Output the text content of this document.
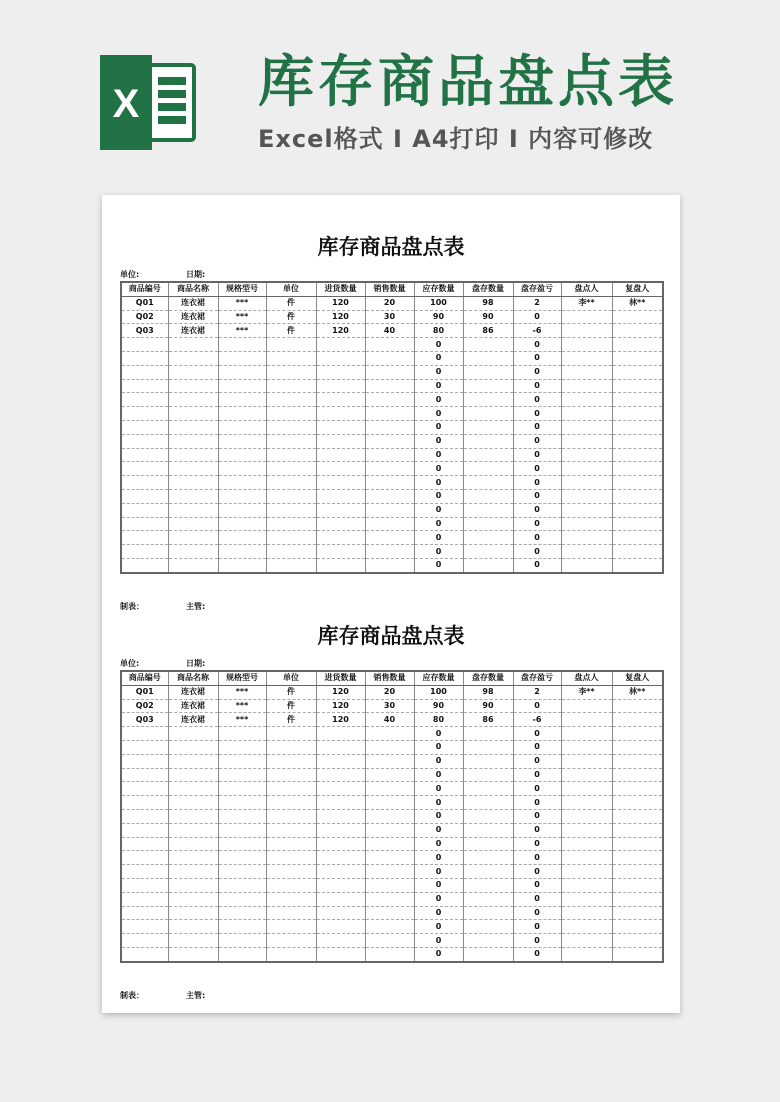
X 库存商品盘点表
Excel格式 I A4打印 I 内容可修改
库存商品盘点表
单位:	日期:
商品编号	商品名称	规格型号	单位	进货数量	销售数量	应存数量	盘存数量	盘存盈亏	盘点人	复盘人
Q01	连衣裙	***	件	120	20	100	98	2	李**	林**
Q02	连衣裙	***	件	120	30	90	90	0		
Q03	连衣裙	***	件	120	40	80	86	-6		
						0		0		
						0		0		
						0		0		
						0		0		
						0		0		
						0		0		
						0		0		
						0		0		
						0		0		
						0		0		
						0		0		
						0		0		
						0		0		
						0		0		
						0		0		
						0		0		
						0		0		
制表：	主管:
库存商品盘点表
单位:	日期:
商品编号	商品名称	规格型号	单位	进货数量	销售数量	应存数量	盘存数量	盘存盈亏	盘点人	复盘人
Q01	连衣裙	***	件	120	20	100	98	2	李**	林**
Q02	连衣裙	***	件	120	30	90	90	0		
Q03	连衣裙	***	件	120	40	80	86	-6		
						0		0		
						0		0		
						0		0		
						0		0		
						0		0		
						0		0		
						0		0		
						0		0		
						0		0		
						0		0		
						0		0		
						0		0		
						0		0		
						0		0		
						0		0		
						0		0		
						0		0		
制表：	主管:
